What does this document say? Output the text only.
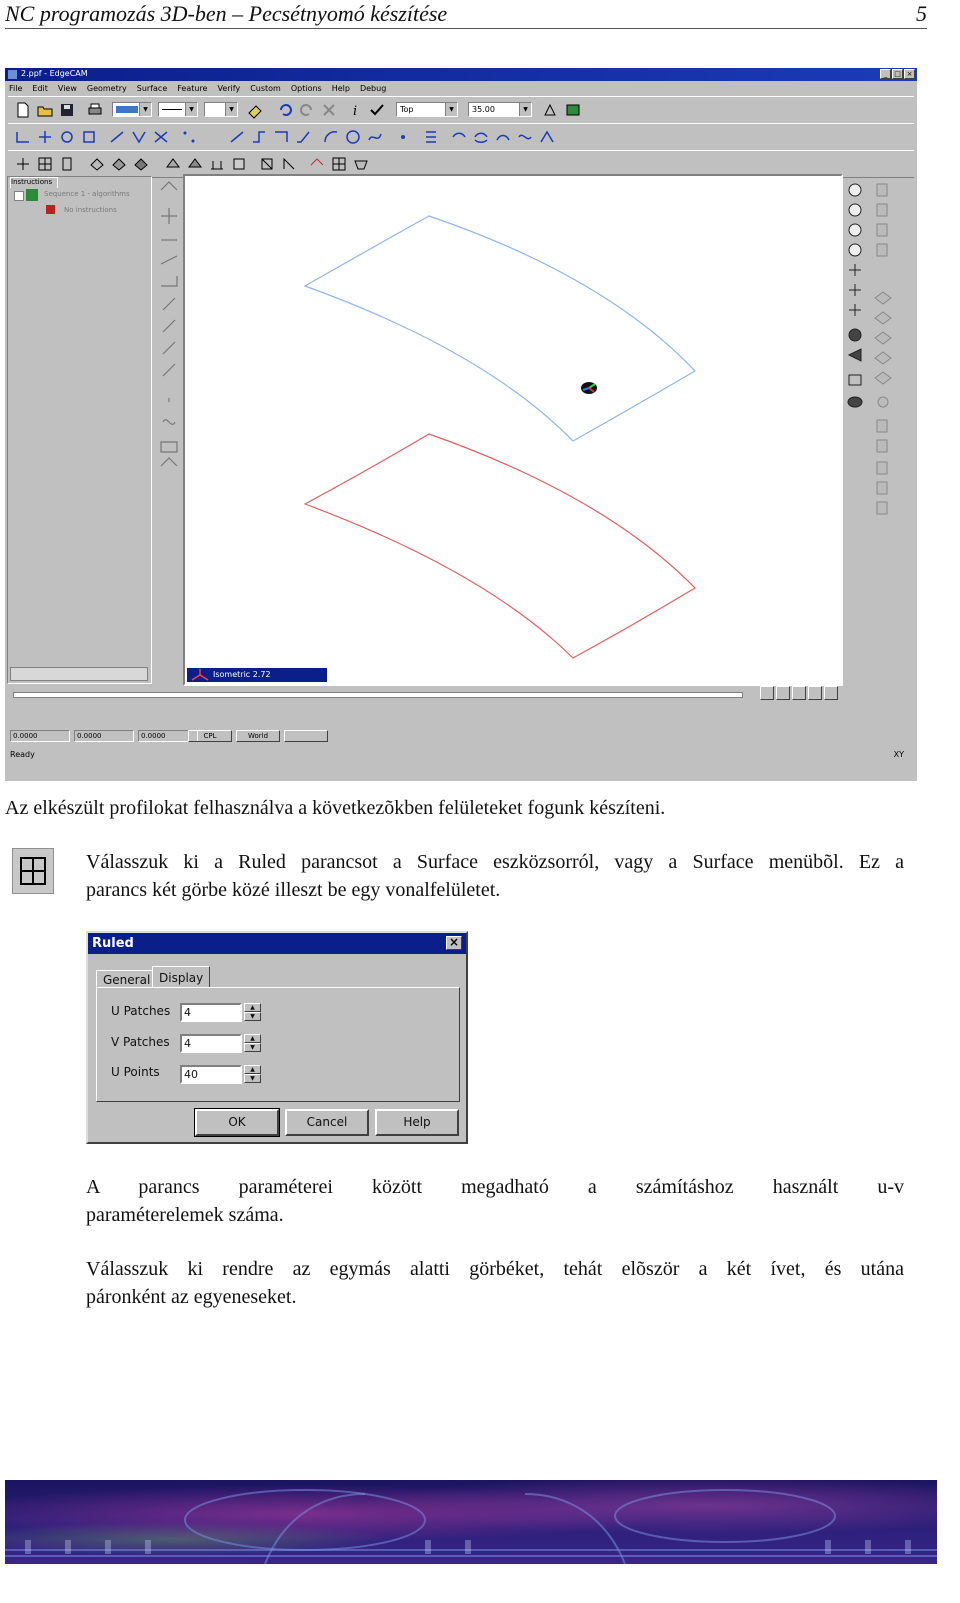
NC programozás 3D-ben – Pecsétnyomó készítése	5
2.ppf - EdgeCAM	_ □ ×
File Edit View Geometry Surface Feature Verify Custom Options Help Debug
▼	▼	▼	i	Top	▼	35.00	▼
Instructions
Sequence 1 - algorithms
No instructions
Isometric 2.72
0.0000	0.0000	0.0000	CPL	World
Ready	XY
Az elkészült profilokat felhasználva a következõkben felületeket fogunk készíteni.
Válasszuk ki a Ruled parancsot a Surface eszközsorról, vagy a Surface menübõl. Ez a
parancs két görbe közé illeszt be egy vonalfelületet.
Ruled	×
General Display
U Patches	4	▲
▼
V Patches	4	▲
▼
U Points	40	▲
▼
OK	Cancel	Help
A parancs paraméterei között megadható a számításhoz használt u-v
paraméterelemek száma.
Válasszuk ki rendre az egymás alatti görbéket, tehát elõször a két ívet, és utána
páronként az egyeneseket.
